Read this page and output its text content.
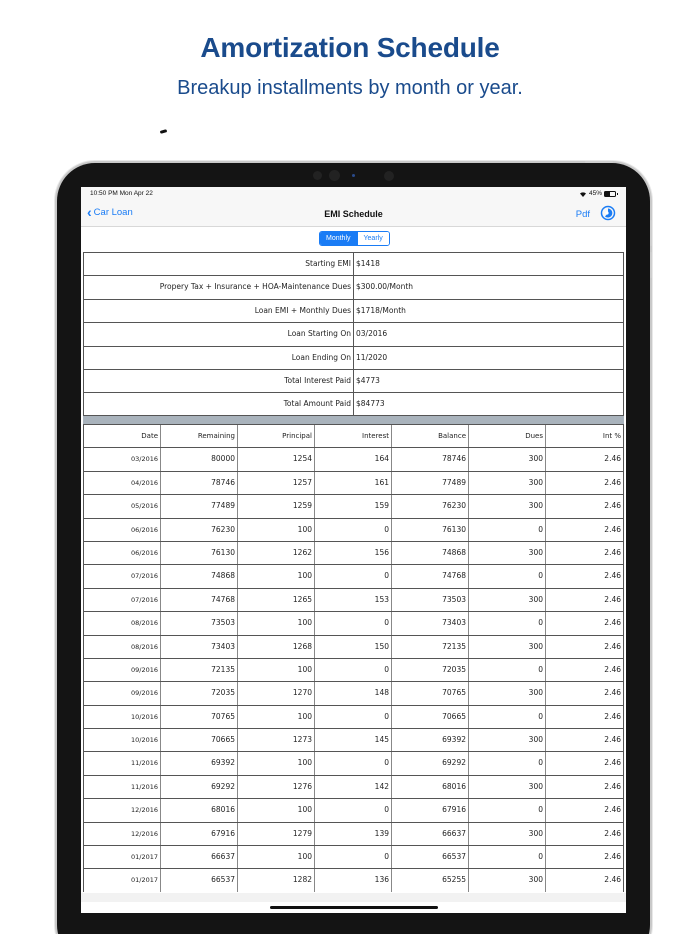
Amortization Schedule
Breakup installments by month or year.
10:50 PM Mon Apr 22	45%
‹ Car Loan	EMI Schedule	Pdf
Monthly	Yearly
Starting EMI $1418
Propery Tax + Insurance + HOA-Maintenance Dues $300.00/Month
Loan EMI + Monthly Dues $1718/Month
Loan Starting On 03/2016
Loan Ending On 11/2020
Total Interest Paid $4773
Total Amount Paid $84773
Date	Remaining	Principal	Interest	Balance	Dues	Int %
03/2016	80000	1254	164	78746	300	2.46
04/2016	78746	1257	161	77489	300	2.46
05/2016	77489	1259	159	76230	300	2.46
06/2016	76230	100	0	76130	0	2.46
06/2016	76130	1262	156	74868	300	2.46
07/2016	74868	100	0	74768	0	2.46
07/2016	74768	1265	153	73503	300	2.46
08/2016	73503	100	0	73403	0	2.46
08/2016	73403	1268	150	72135	300	2.46
09/2016	72135	100	0	72035	0	2.46
09/2016	72035	1270	148	70765	300	2.46
10/2016	70765	100	0	70665	0	2.46
10/2016	70665	1273	145	69392	300	2.46
11/2016	69392	100	0	69292	0	2.46
11/2016	69292	1276	142	68016	300	2.46
12/2016	68016	100	0	67916	0	2.46
12/2016	67916	1279	139	66637	300	2.46
01/2017	66637	100	0	66537	0	2.46
01/2017	66537	1282	136	65255	300	2.46
